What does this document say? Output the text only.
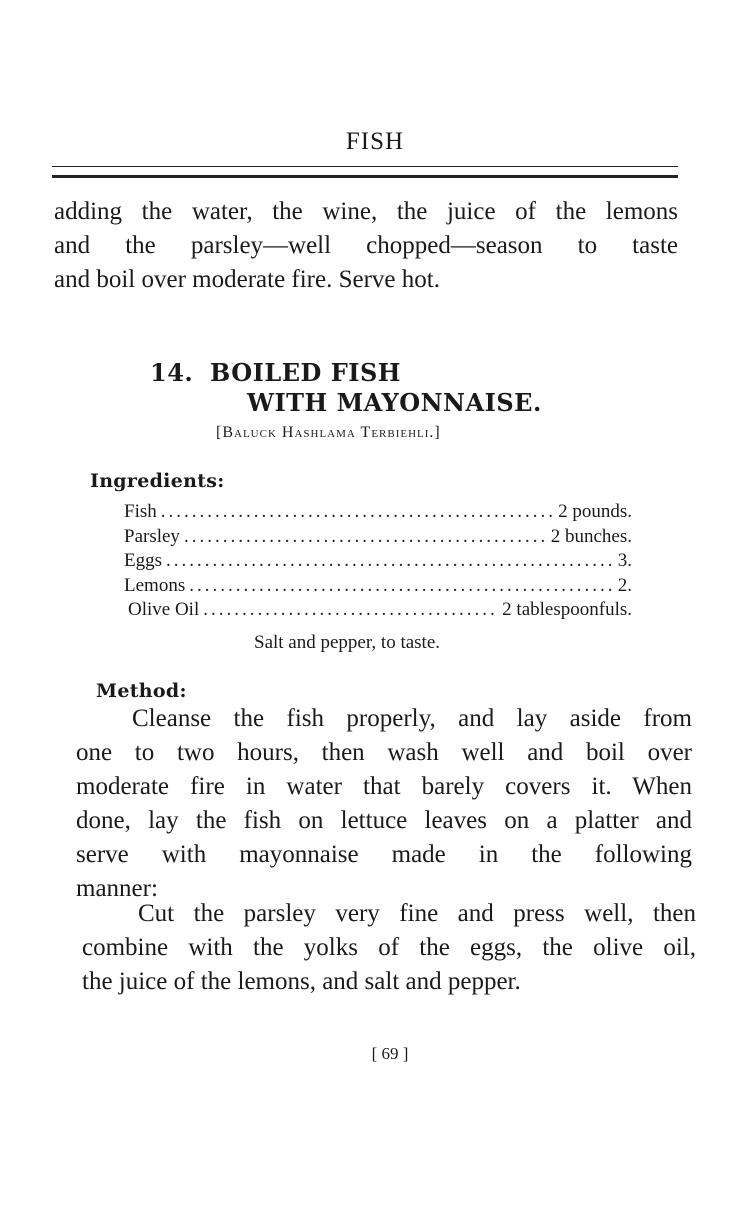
FISH
adding the water, the wine, the juice of the lemons
and the parsley—well chopped—season to taste
and boil over moderate fire. Serve hot.
14. BOILED FISH
WITH MAYONNAISE.
[Baluck Hashlama Terbiehli.]
Ingredients:
Fish .....	2 pounds.
Parsley .....	2 bunches.
Eggs .....	3.
Lemons .....	2.
Olive Oil .....	2 tablespoonfuls.
Salt and pepper, to taste.
Method:
Cleanse the fish properly, and lay aside from
one to two hours, then wash well and boil over
moderate fire in water that barely covers it. When
done, lay the fish on lettuce leaves on a platter and
serve with mayonnaise made in the following
manner:
Cut the parsley very fine and press well, then
combine with the yolks of the eggs, the olive oil,
the juice of the lemons, and salt and pepper.
[ 69 ]
